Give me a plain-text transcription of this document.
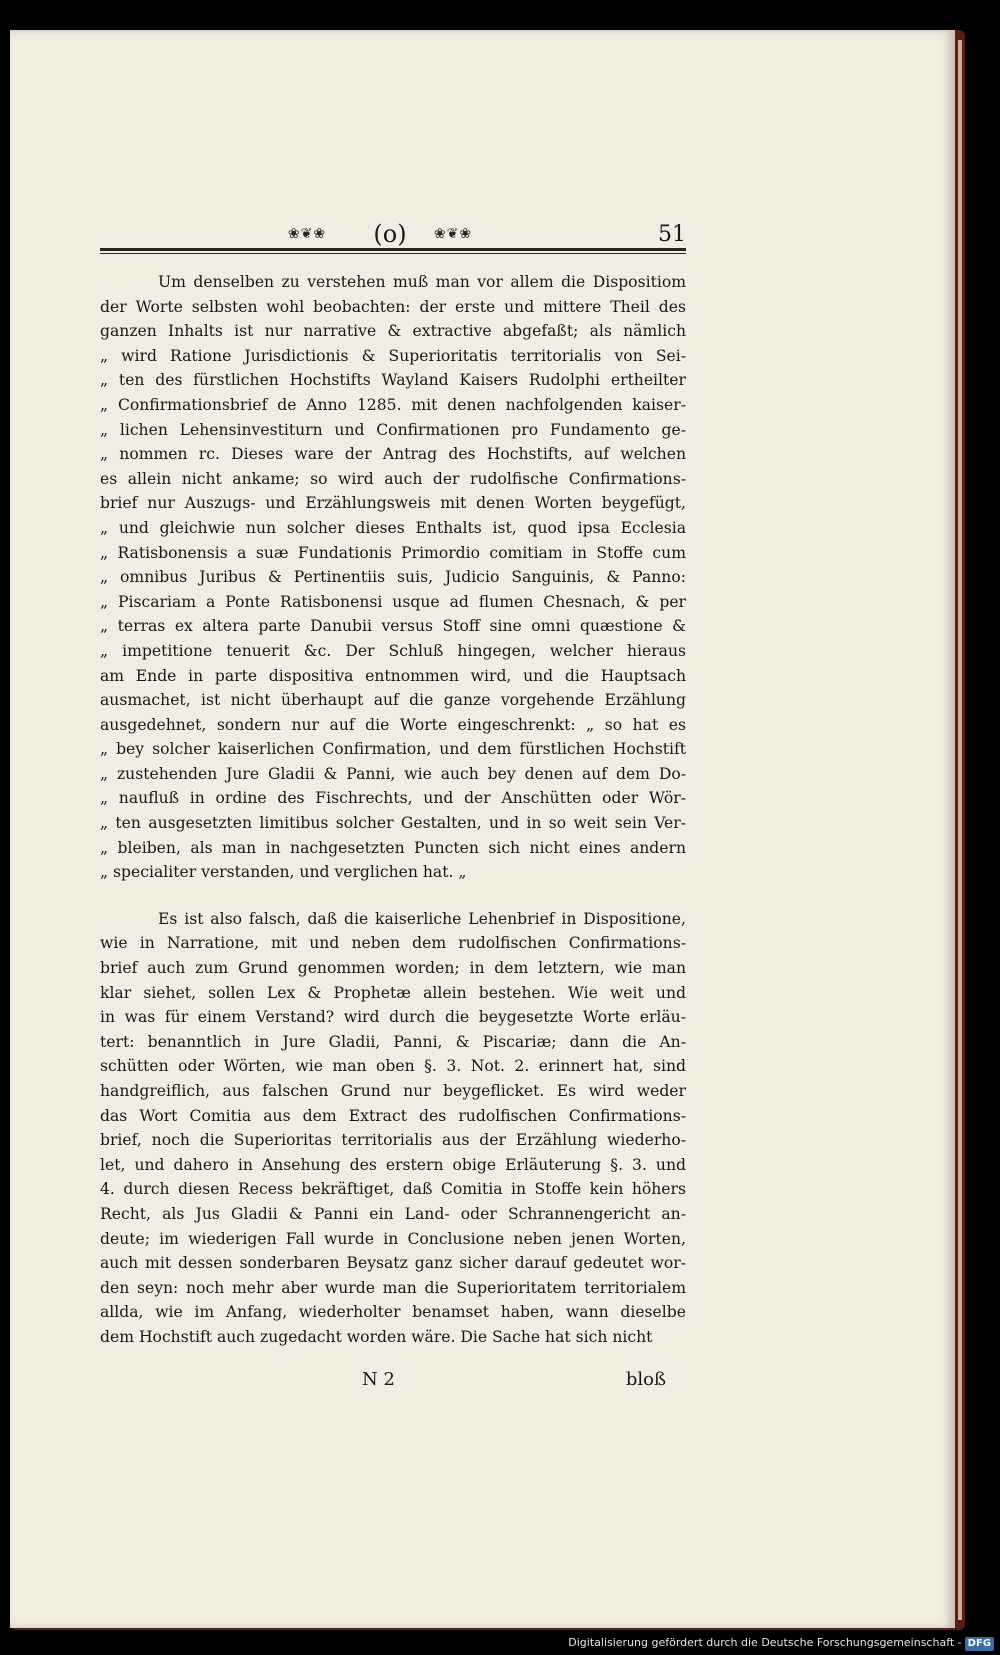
❀❦❀	(o)	❀❦❀	51
Um denselben zu verstehen muß man vor allem die Dispositiom
der Worte selbsten wohl beobachten: der erste und mittere Theil des
ganzen Inhalts ist nur narrative & extractive abgefaßt; als nämlich
„ wird Ratione Jurisdictionis & Superioritatis territorialis von Sei-
„ ten des fürstlichen Hochstifts Wayland Kaisers Rudolphi ertheilter
„ Confirmationsbrief de Anno 1285. mit denen nachfolgenden kaiser-
„ lichen Lehensinvestiturn und Confirmationen pro Fundamento ge-
„ nommen rc. Dieses ware der Antrag des Hochstifts, auf welchen
es allein nicht ankame; so wird auch der rudolfische Confirmations-
brief nur Auszugs- und Erzählungsweis mit denen Worten beygefügt,
„ und gleichwie nun solcher dieses Enthalts ist, quod ipsa Ecclesia
„ Ratisbonensis a suæ Fundationis Primordio comitiam in Stoffe cum
„ omnibus Juribus & Pertinentiis suis, Judicio Sanguinis, & Panno:
„ Piscariam a Ponte Ratisbonensi usque ad flumen Chesnach, & per
„ terras ex altera parte Danubii versus Stoff sine omni quæstione &
„ impetitione tenuerit &c. Der Schluß hingegen, welcher hieraus
am Ende in parte dispositiva entnommen wird, und die Hauptsach
ausmachet, ist nicht überhaupt auf die ganze vorgehende Erzählung
ausgedehnet, sondern nur auf die Worte eingeschrenkt: „ so hat es
„ bey solcher kaiserlichen Confirmation, und dem fürstlichen Hochstift
„ zustehenden Jure Gladii & Panni, wie auch bey denen auf dem Do-
„ naufluß in ordine des Fischrechts, und der Anschütten oder Wör-
„ ten ausgesetzten limitibus solcher Gestalten, und in so weit sein Ver-
„ bleiben, als man in nachgesetzten Puncten sich nicht eines andern
„ specialiter verstanden, und verglichen hat. „
Es ist also falsch, daß die kaiserliche Lehenbrief in Dispositione,
wie in Narratione, mit und neben dem rudolfischen Confirmations-
brief auch zum Grund genommen worden; in dem letztern, wie man
klar siehet, sollen Lex & Prophetæ allein bestehen. Wie weit und
in was für einem Verstand? wird durch die beygesetzte Worte erläu-
tert: benanntlich in Jure Gladii, Panni, & Piscariæ; dann die An-
schütten oder Wörten, wie man oben §. 3. Not. 2. erinnert hat, sind
handgreiflich, aus falschen Grund nur beygeflicket. Es wird weder
das Wort Comitia aus dem Extract des rudolfischen Confirmations-
brief, noch die Superioritas territorialis aus der Erzählung wiederho-
let, und dahero in Ansehung des erstern obige Erläuterung §. 3. und
4. durch diesen Recess bekräftiget, daß Comitia in Stoffe kein höhers
Recht, als Jus Gladii & Panni ein Land- oder Schrannengericht an-
deute; im wiederigen Fall wurde in Conclusione neben jenen Worten,
auch mit dessen sonderbaren Beysatz ganz sicher darauf gedeutet wor-
den seyn: noch mehr aber wurde man die Superioritatem territorialem
allda, wie im Anfang, wiederholter benamset haben, wann dieselbe
dem Hochstift auch zugedacht worden wäre. Die Sache hat sich nicht
N 2	bloß
Digitalisierung gefördert durch die Deutsche Forschungsgemeinschaft - DFG
